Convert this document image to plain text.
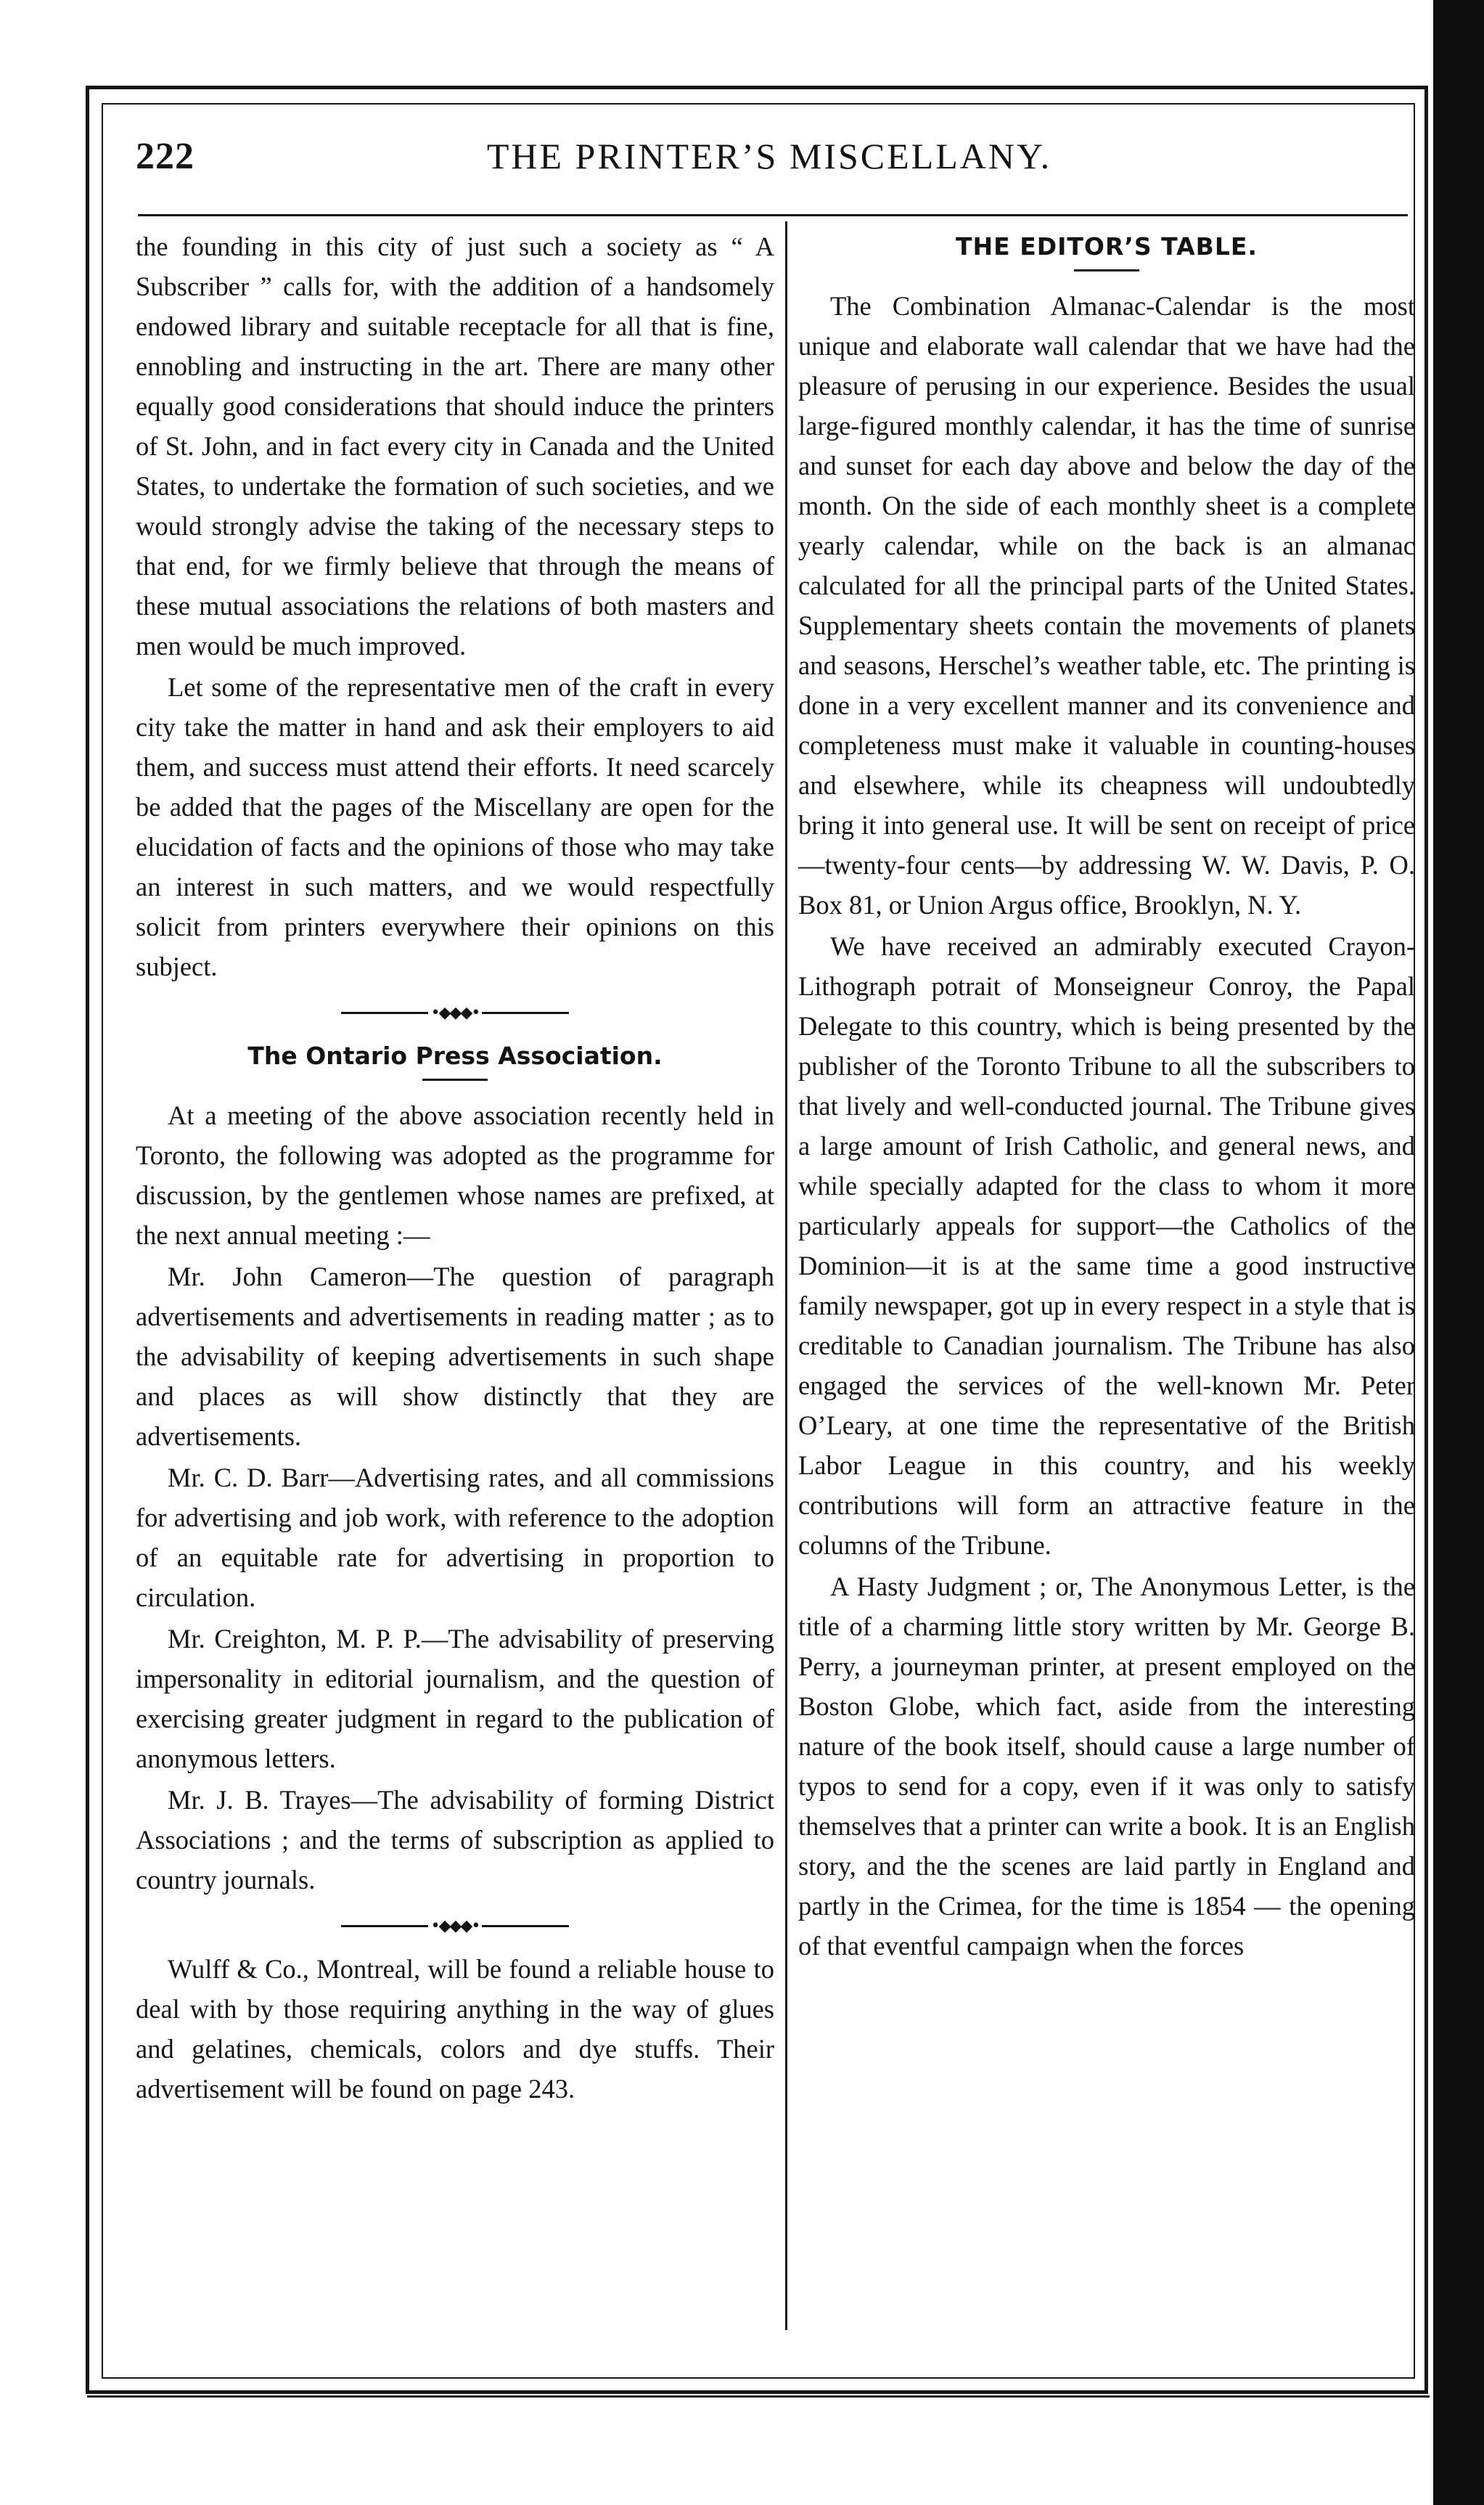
222	THE PRINTER’S MISCELLANY.

the founding in this city of just such a society as “ A Subscriber ” calls for, with the addition of a handsomely endowed library and suitable receptacle for all that is fine, ennobling and instructing in the art. There are many other equally good considerations that should induce the printers of St. John, and in fact every city in Canada and the United States, to undertake the formation of such societies, and we would strongly advise the taking of the necessary steps to that end, for we firmly believe that through the means of these mutual associations the relations of both masters and men would be much improved.

Let some of the representative men of the craft in every city take the matter in hand and ask their employers to aid them, and success must attend their efforts. It need scarcely be added that the pages of the Miscellany are open for the elucidation of facts and the opinions of those who may take an interest in such matters, and we would respectfully solicit from printers everywhere their opinions on this subject.

•◆◆◆•
The Ontario Press Association.

At a meeting of the above association recently held in Toronto, the following was adopted as the programme for discussion, by the gentlemen whose names are prefixed, at the next annual meeting :—

Mr. John Cameron—The question of paragraph advertisements and advertisements in reading matter ; as to the advisability of keeping advertisements in such shape and places as will show distinctly that they are advertisements.

Mr. C. D. Barr—Advertising rates, and all commissions for advertising and job work, with reference to the adoption of an equitable rate for advertising in proportion to circulation.

Mr. Creighton, M. P. P.—The advisability of preserving impersonality in editorial journalism, and the question of exercising greater judgment in regard to the publication of anonymous letters.

Mr. J. B. Trayes—The advisability of forming District Associations ; and the terms of subscription as applied to country journals.

•◆◆◆•

Wulff & Co., Montreal, will be found a reliable house to deal with by those requiring anything in the way of glues and gelatines, chemicals, colors and dye stuffs. Their advertisement will be found on page 243.

THE EDITOR’S TABLE.

The Combination Almanac-Calendar is the most unique and elaborate wall calendar that we have had the pleasure of perusing in our experience. Besides the usual large-figured monthly calendar, it has the time of sunrise and sunset for each day above and below the day of the month. On the side of each monthly sheet is a complete yearly calendar, while on the back is an almanac calculated for all the principal parts of the United States. Supplementary sheets contain the movements of planets and seasons, Herschel’s weather table, etc. The printing is done in a very excellent manner and its convenience and completeness must make it valuable in counting-houses and elsewhere, while its cheapness will undoubtedly bring it into general use. It will be sent on receipt of price —twenty-four cents—by addressing W. W. Davis, P. O. Box 81, or Union Argus office, Brooklyn, N. Y.

We have received an admirably executed Crayon-Lithograph potrait of Monseigneur Conroy, the Papal Delegate to this country, which is being presented by the publisher of the Toronto Tribune to all the subscribers to that lively and well-conducted journal. The Tribune gives a large amount of Irish Catholic, and general news, and while specially adapted for the class to whom it more particularly appeals for support—the Catholics of the Dominion—it is at the same time a good instructive family newspaper, got up in every respect in a style that is creditable to Canadian journalism. The Tribune has also engaged the services of the well-known Mr. Peter O’Leary, at one time the representative of the British Labor League in this country, and his weekly contributions will form an attractive feature in the columns of the Tribune.

A Hasty Judgment ; or, The Anonymous Letter, is the title of a charming little story written by Mr. George B. Perry, a journeyman printer, at present employed on the Boston Globe, which fact, aside from the interesting nature of the book itself, should cause a large number of typos to send for a copy, even if it was only to satisfy themselves that a printer can write a book. It is an English story, and the the scenes are laid partly in England and partly in the Crimea, for the time is 1854 — the opening of that eventful campaign when the forces
